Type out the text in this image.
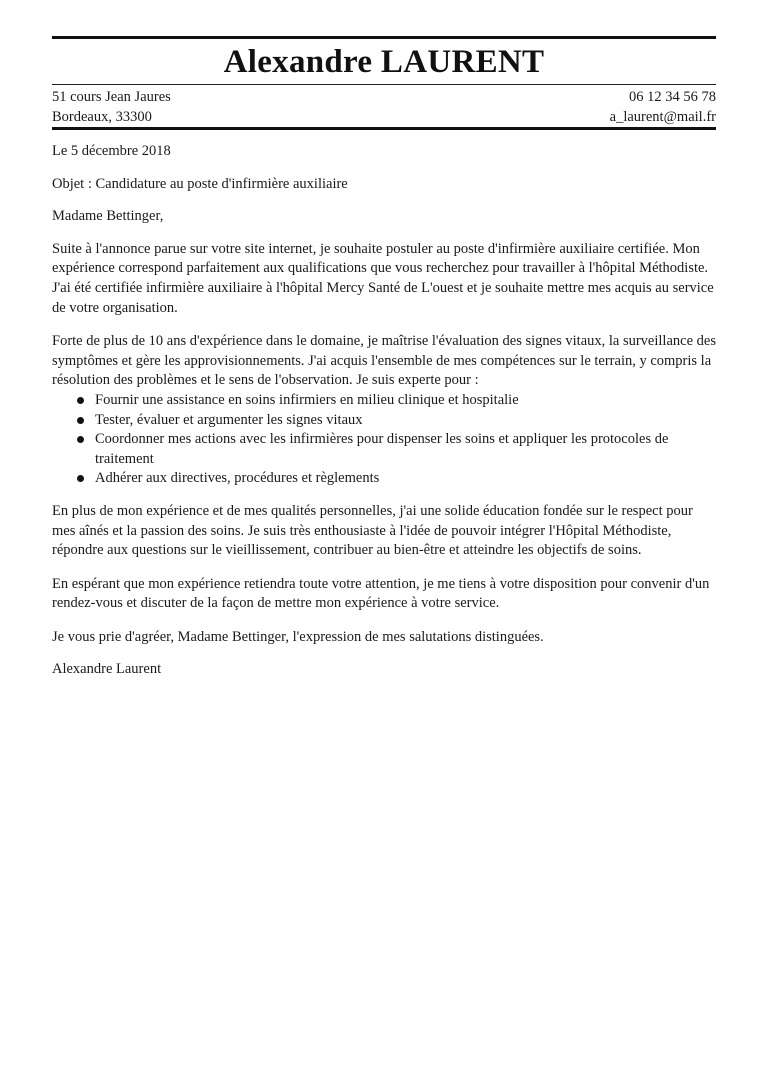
Alexandre LAURENT
51 cours Jean Jaures	06 12 34 56 78
Bordeaux, 33300	a_laurent@mail.fr

Le 5 décembre 2018

Objet : Candidature au poste d'infirmière auxiliaire

Madame Bettinger,

Suite à l'annonce parue sur votre site internet, je souhaite postuler au poste d'infirmière auxiliaire certifiée. Mon expérience correspond parfaitement aux qualifications que vous recherchez pour travailler à l'hôpital Méthodiste. J'ai été certifiée infirmière auxiliaire à l'hôpital Mercy Santé de L'ouest et je souhaite mettre mes acquis au service de votre organisation.

Forte de plus de 10 ans d'expérience dans le domaine, je maîtrise l'évaluation des signes vitaux, la surveillance des symptômes et gère les approvisionnements. J'ai acquis l'ensemble de mes compétences sur le terrain, y compris la résolution des problèmes et le sens de l'observation. Je suis experte pour :

Fournir une assistance en soins infirmiers en milieu clinique et hospitalie
Tester, évaluer et argumenter les signes vitaux
Coordonner mes actions avec les infirmières pour dispenser les soins et appliquer les protocoles de traitement
Adhérer aux directives, procédures et règlements

En plus de mon expérience et de mes qualités personnelles, j'ai une solide éducation fondée sur le respect pour mes aînés et la passion des soins. Je suis très enthousiaste à l'idée de pouvoir intégrer l'Hôpital Méthodiste, répondre aux questions sur le vieillissement, contribuer au bien-être et atteindre les objectifs de soins.

En espérant que mon expérience retiendra toute votre attention, je me tiens à votre disposition pour convenir d'un rendez-vous et discuter de la façon de mettre mon expérience à votre service.

Je vous prie d'agréer, Madame Bettinger, l'expression de mes salutations distinguées.

Alexandre Laurent
